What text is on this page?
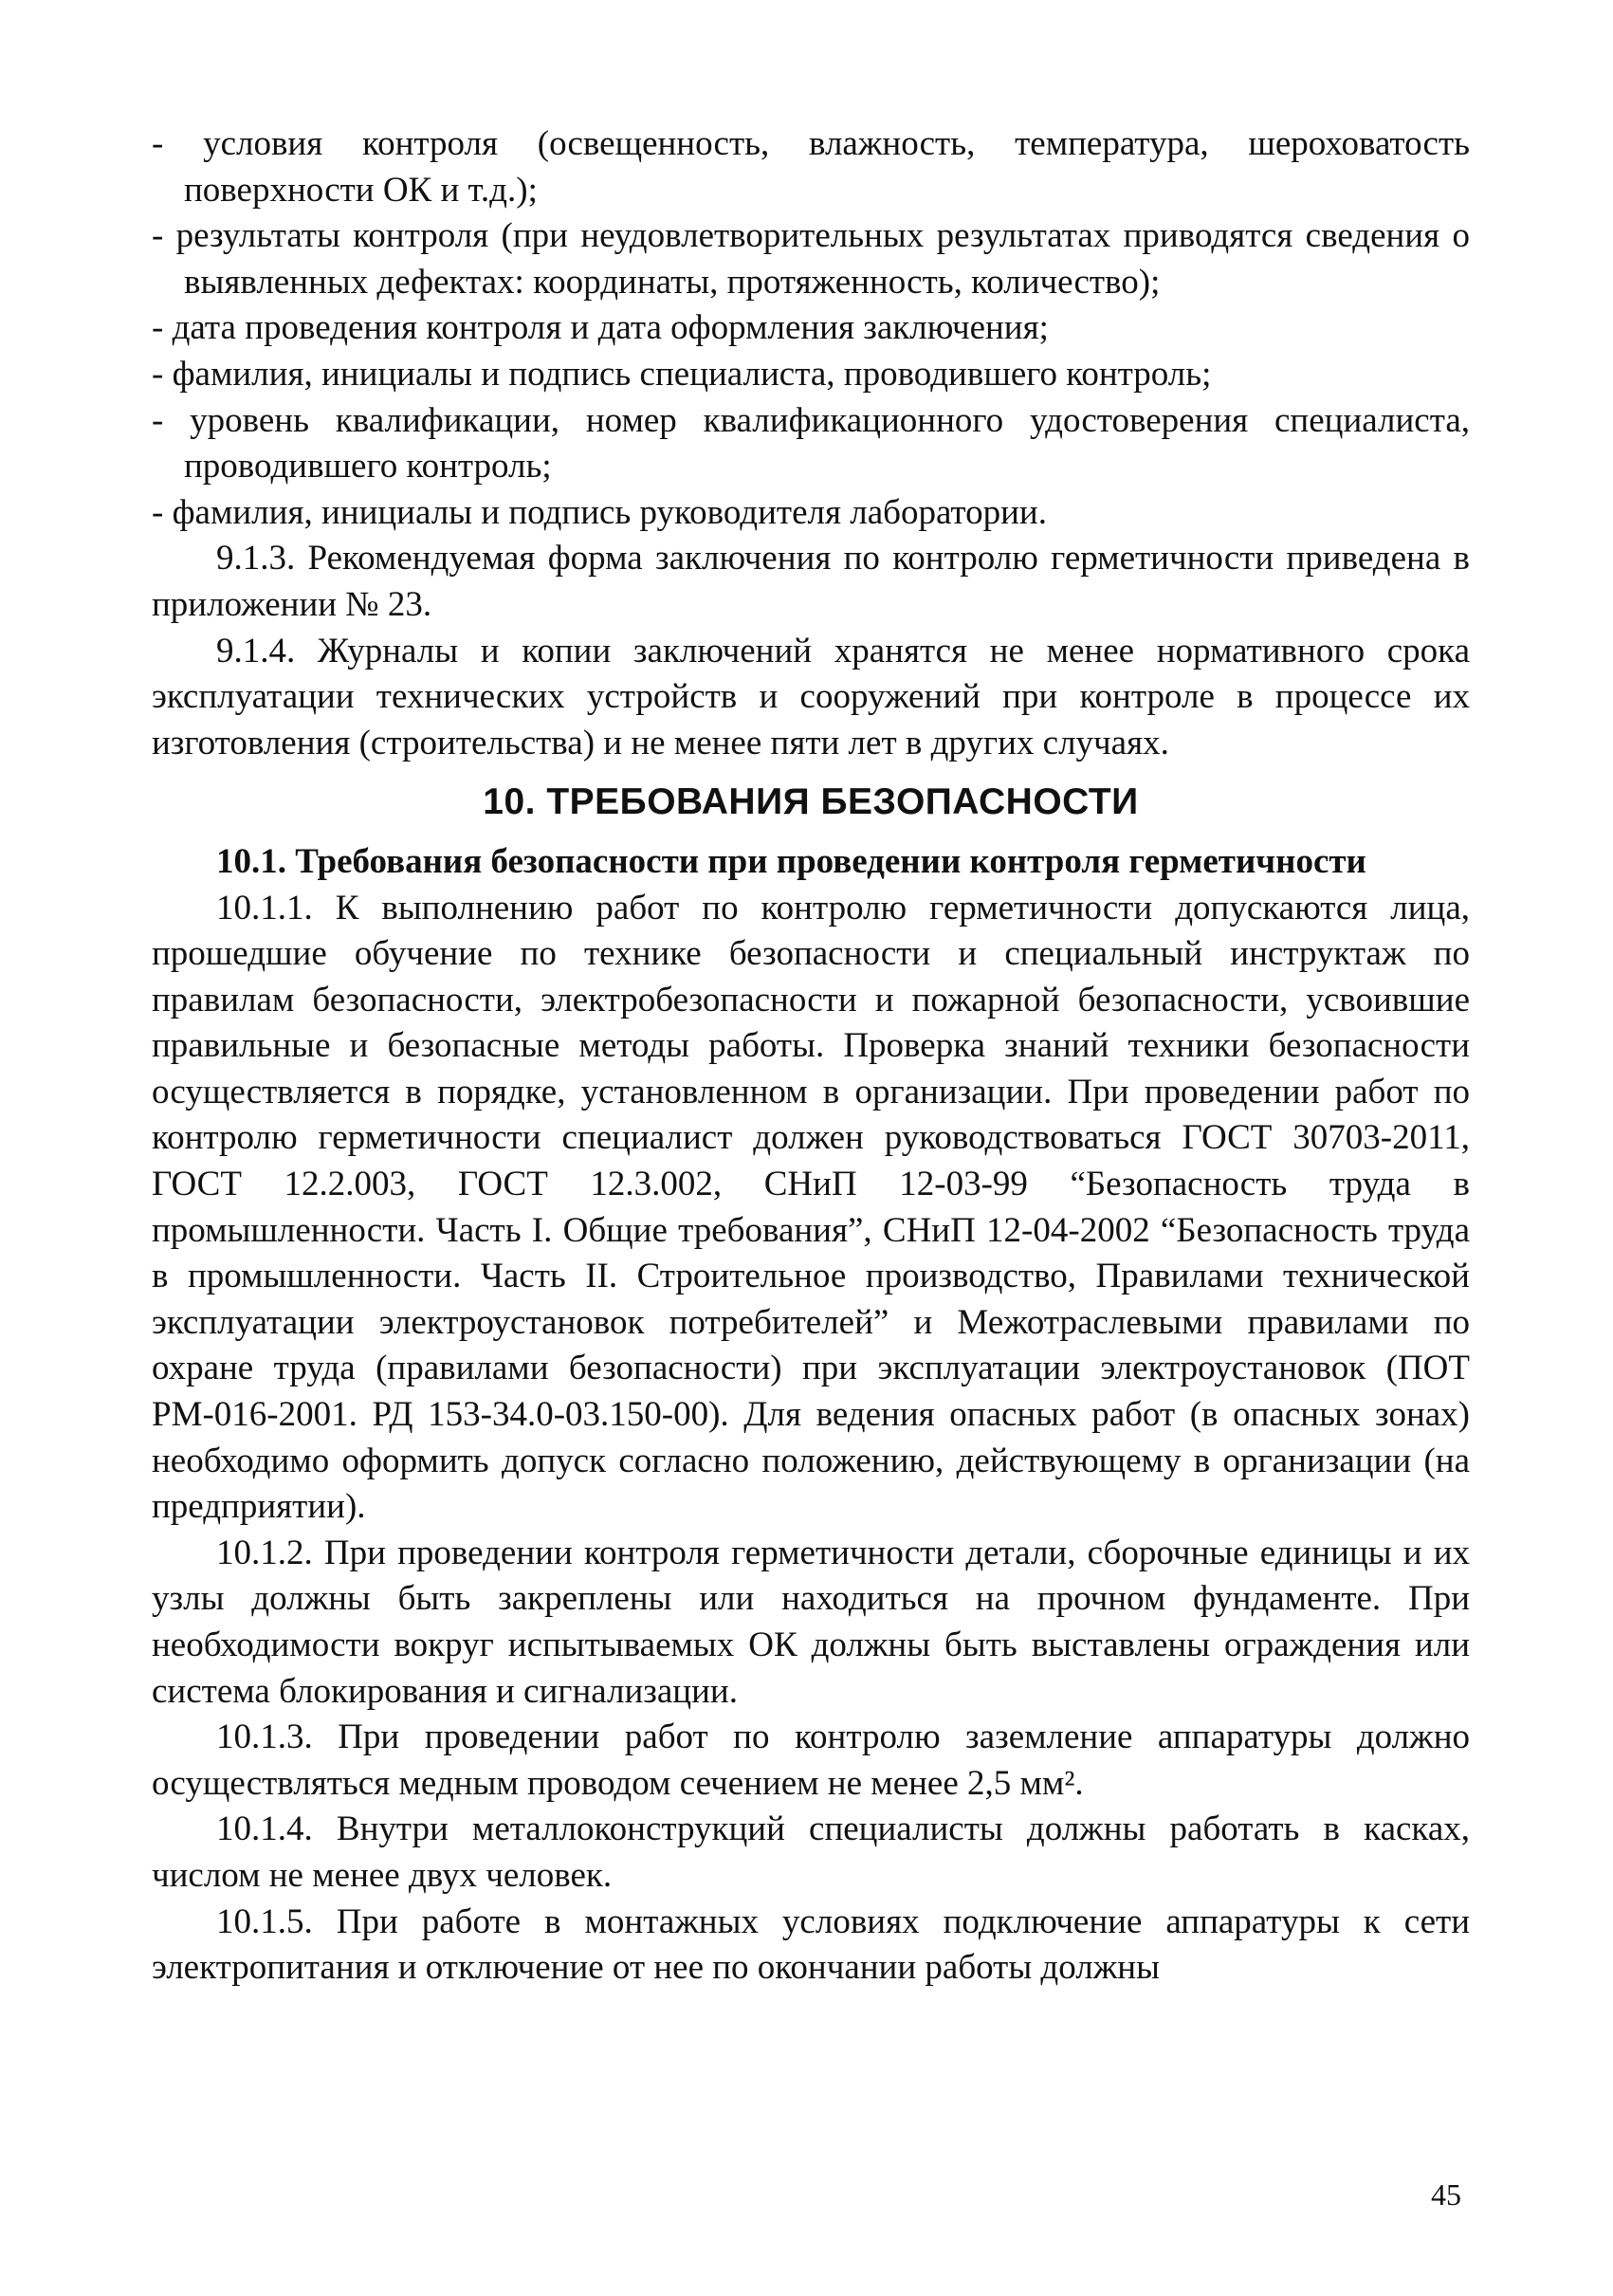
- условия контроля (освещенность, влажность, температура, шероховатость поверхности ОК и т.д.);

- результаты контроля (при неудовлетворительных результатах приводятся сведения о выявленных дефектах: координаты, протяженность, количество);

- дата проведения контроля и дата оформления заключения;

- фамилия, инициалы и подпись специалиста, проводившего контроль;

- уровень квалификации, номер квалификационного удостоверения специалиста, проводившего контроль;

- фамилия, инициалы и подпись руководителя лаборатории.

9.1.3. Рекомендуемая форма заключения по контролю герметичности приведена в приложении № 23.

9.1.4. Журналы и копии заключений хранятся не менее нормативного срока эксплуатации технических устройств и сооружений при контроле в процессе их изготовления (строительства) и не менее пяти лет в других случаях.

10. ТРЕБОВАНИЯ БЕЗОПАСНОСТИ

10.1. Требования безопасности при проведении контроля герметичности

10.1.1. К выполнению работ по контролю герметичности допускаются лица, прошедшие обучение по технике безопасности и специальный инструктаж по правилам безопасности, электробезопасности и пожарной безопасности, усвоившие правильные и безопасные методы работы. Проверка знаний техники безопасности осуществляется в порядке, установленном в организации. При проведении работ по контролю герметичности специалист должен руководствоваться ГОСТ 30703-2011, ГОСТ 12.2.003, ГОСТ 12.3.002, СНиП 12-03-99 “Безопасность труда в промышленности. Часть I. Общие требования”, СНиП 12-04-2002 “Безопасность труда в промышленности. Часть II. Строительное производство, Правилами технической эксплуатации электроустановок потребителей” и Межотраслевыми правилами по охране труда (правилами безопасности) при эксплуатации электроустановок (ПОТ РМ-016-2001. РД 153-34.0-03.150-00). Для ведения опасных работ (в опасных зонах) необходимо оформить допуск согласно положению, действующему в организации (на предприятии).

10.1.2. При проведении контроля герметичности детали, сборочные единицы и их узлы должны быть закреплены или находиться на прочном фундаменте. При необходимости вокруг испытываемых ОК должны быть выставлены ограждения или система блокирования и сигнализации.

10.1.3. При проведении работ по контролю заземление аппаратуры должно осуществляться медным проводом сечением не менее 2,5 мм².

10.1.4. Внутри металлоконструкций специалисты должны работать в касках, числом не менее двух человек.

10.1.5. При работе в монтажных условиях подключение аппаратуры к сети электропитания и отключение от нее по окончании работы должны

45
